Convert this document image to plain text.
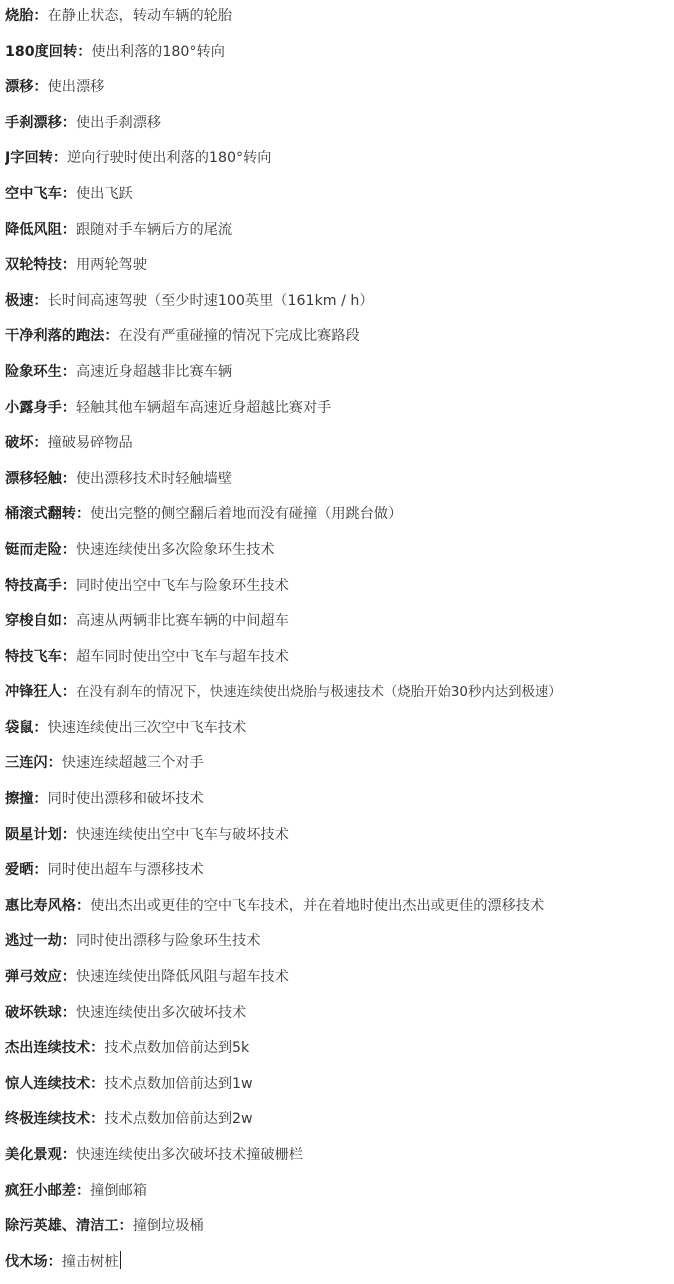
烧胎：在静止状态，转动车辆的轮胎
180度回转：使出利落的180°转向
漂移：使出漂移
手刹漂移：使出手刹漂移
J字回转：逆向行驶时使出利落的180°转向
空中飞车：使出飞跃
降低风阻：跟随对手车辆后方的尾流
双轮特技：用两轮驾驶
极速：长时间高速驾驶（至少时速100英里（161km / h）
干净利落的跑法：在没有严重碰撞的情况下完成比赛路段
险象环生：高速近身超越非比赛车辆
小露身手：轻触其他车辆超车高速近身超越比赛对手
破坏：撞破易碎物品
漂移轻触：使出漂移技术时轻触墙壁
桶滚式翻转：使出完整的侧空翻后着地而没有碰撞（用跳台做）
铤而走险：快速连续使出多次险象环生技术
特技高手：同时使出空中飞车与险象环生技术
穿梭自如：高速从两辆非比赛车辆的中间超车
特技飞车：超车同时使出空中飞车与超车技术
冲锋狂人：在没有刹车的情况下，快速连续使出烧胎与极速技术（烧胎开始30秒内达到极速）
袋鼠：快速连续使出三次空中飞车技术
三连闪：快速连续超越三个对手
擦撞：同时使出漂移和破坏技术
陨星计划：快速连续使出空中飞车与破坏技术
爱晒：同时使出超车与漂移技术
惠比寿风格：使出杰出或更佳的空中飞车技术，并在着地时使出杰出或更佳的漂移技术
逃过一劫：同时使出漂移与险象环生技术
弹弓效应：快速连续使出降低风阻与超车技术
破坏铁球：快速连续使出多次破坏技术
杰出连续技术：技术点数加倍前达到5k
惊人连续技术：技术点数加倍前达到1w
终极连续技术：技术点数加倍前达到2w
美化景观：快速连续使出多次破坏技术撞破栅栏
疯狂小邮差：撞倒邮箱
除污英雄、清洁工：撞倒垃圾桶
伐木场：撞击树桩
